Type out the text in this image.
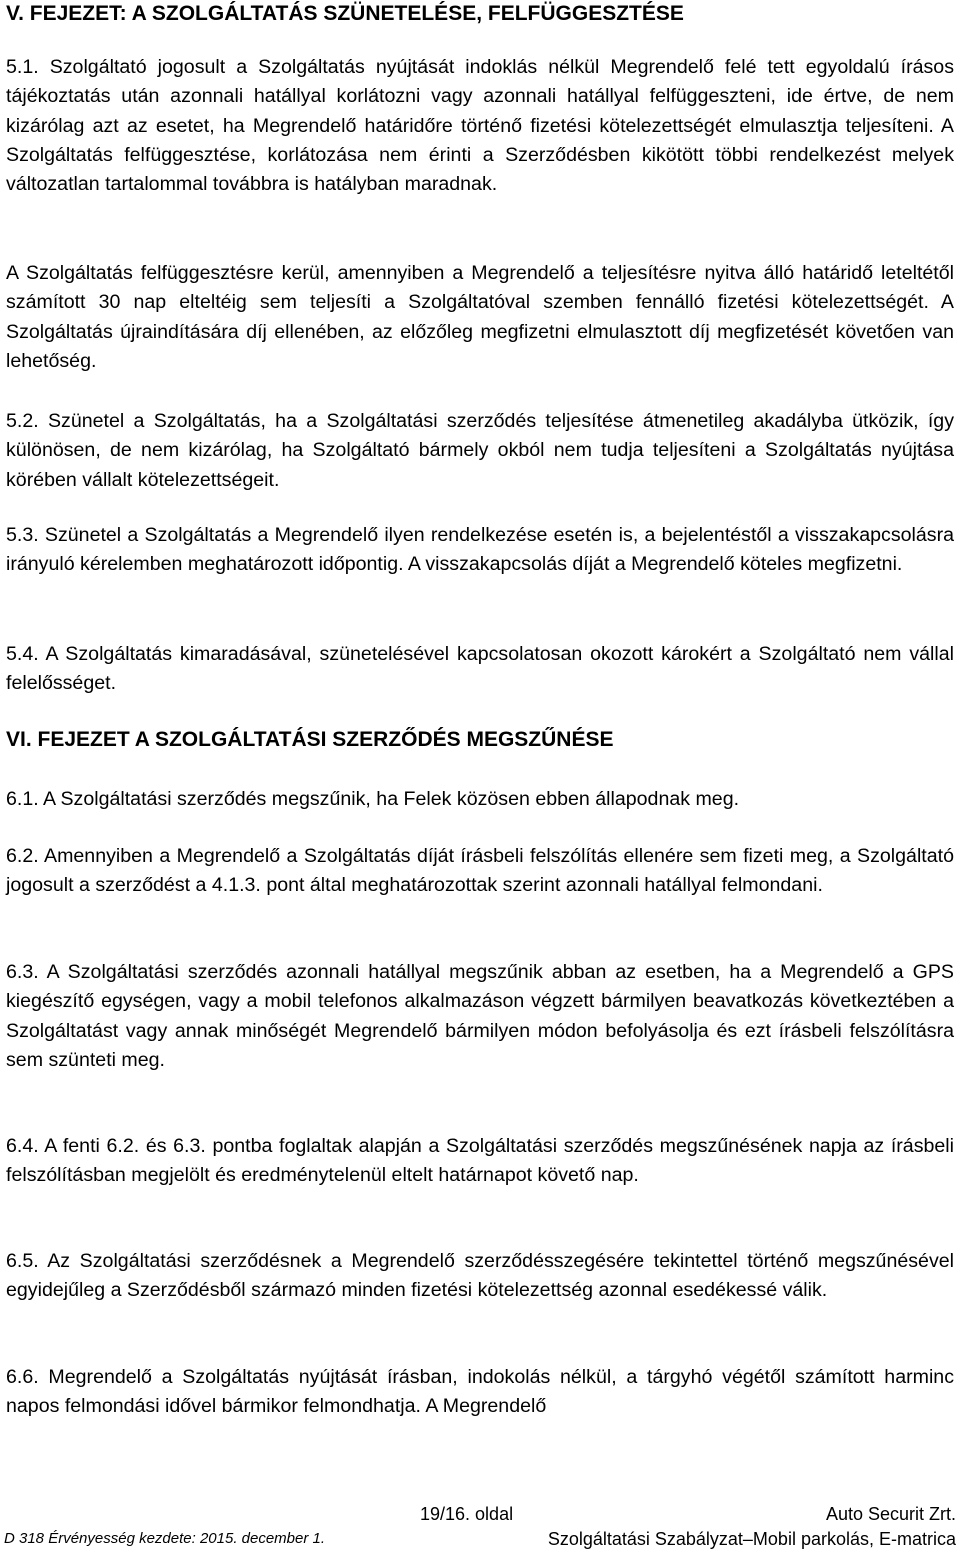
V. FEJEZET: A SZOLGÁLTATÁS SZÜNETELÉSE, FELFÜGGESZTÉSE

5.1. Szolgáltató jogosult a Szolgáltatás nyújtását indoklás nélkül Megrendelő felé tett egyoldalú írásos tájékoztatás után azonnali hatállyal korlátozni vagy azonnali hatállyal felfüggeszteni, ide értve, de nem kizárólag azt az esetet, ha Megrendelő határidőre történő fizetési kötelezettségét elmulasztja teljesíteni. A Szolgáltatás felfüggesztése, korlátozása nem érinti a Szerződésben kikötött többi rendelkezést melyek változatlan tartalommal továbbra is hatályban maradnak.

A Szolgáltatás felfüggesztésre kerül, amennyiben a Megrendelő a teljesítésre nyitva álló határidő leteltétől számított 30 nap elteltéig sem teljesíti a Szolgáltatóval szemben fennálló fizetési kötelezettségét. A Szolgáltatás újraindítására díj ellenében, az előzőleg megfizetni elmulasztott díj megfizetését követően van lehetőség.

5.2. Szünetel a Szolgáltatás, ha a Szolgáltatási szerződés teljesítése átmenetileg akadályba ütközik, így különösen, de nem kizárólag, ha Szolgáltató bármely okból nem tudja teljesíteni a Szolgáltatás nyújtása körében vállalt kötelezettségeit.

5.3. Szünetel a Szolgáltatás a Megrendelő ilyen rendelkezése esetén is, a bejelentéstől a visszakapcsolásra irányuló kérelemben meghatározott időpontig. A visszakapcsolás díját a Megrendelő köteles megfizetni.

5.4. A Szolgáltatás kimaradásával, szünetelésével kapcsolatosan okozott károkért a Szolgáltató nem vállal felelősséget.

VI. FEJEZET A SZOLGÁLTATÁSI SZERZŐDÉS MEGSZŰNÉSE

6.1. A Szolgáltatási szerződés megszűnik, ha Felek közösen ebben állapodnak meg.

6.2. Amennyiben a Megrendelő a Szolgáltatás díját írásbeli felszólítás ellenére sem fizeti meg, a Szolgáltató jogosult a szerződést a 4.1.3. pont által meghatározottak szerint azonnali hatállyal felmondani.

6.3. A Szolgáltatási szerződés azonnali hatállyal megszűnik abban az esetben, ha a Megrendelő a GPS kiegészítő egységen, vagy a mobil telefonos alkalmazáson végzett bármilyen beavatkozás következtében a Szolgáltatást vagy annak minőségét Megrendelő bármilyen módon befolyásolja és ezt írásbeli felszólításra sem szünteti meg.

6.4. A fenti 6.2. és 6.3. pontba foglaltak alapján a Szolgáltatási szerződés megszűnésének napja az írásbeli felszólításban megjelölt és eredménytelenül eltelt határnapot követő nap.

6.5. Az Szolgáltatási szerződésnek a Megrendelő szerződésszegésére tekintettel történő megszűnésével egyidejűleg a Szerződésből származó minden fizetési kötelezettség azonnal esedékessé válik.

6.6. Megrendelő a Szolgáltatás nyújtását írásban, indokolás nélkül, a tárgyhó végétől számított harminc napos felmondási idővel bármikor felmondhatja. A Megrendelő

19/16. oldal	Auto Securit Zrt.
D 318 Érvényesség kezdete: 2015. december 1.	Szolgáltatási Szabályzat–Mobil parkolás, E-matrica
